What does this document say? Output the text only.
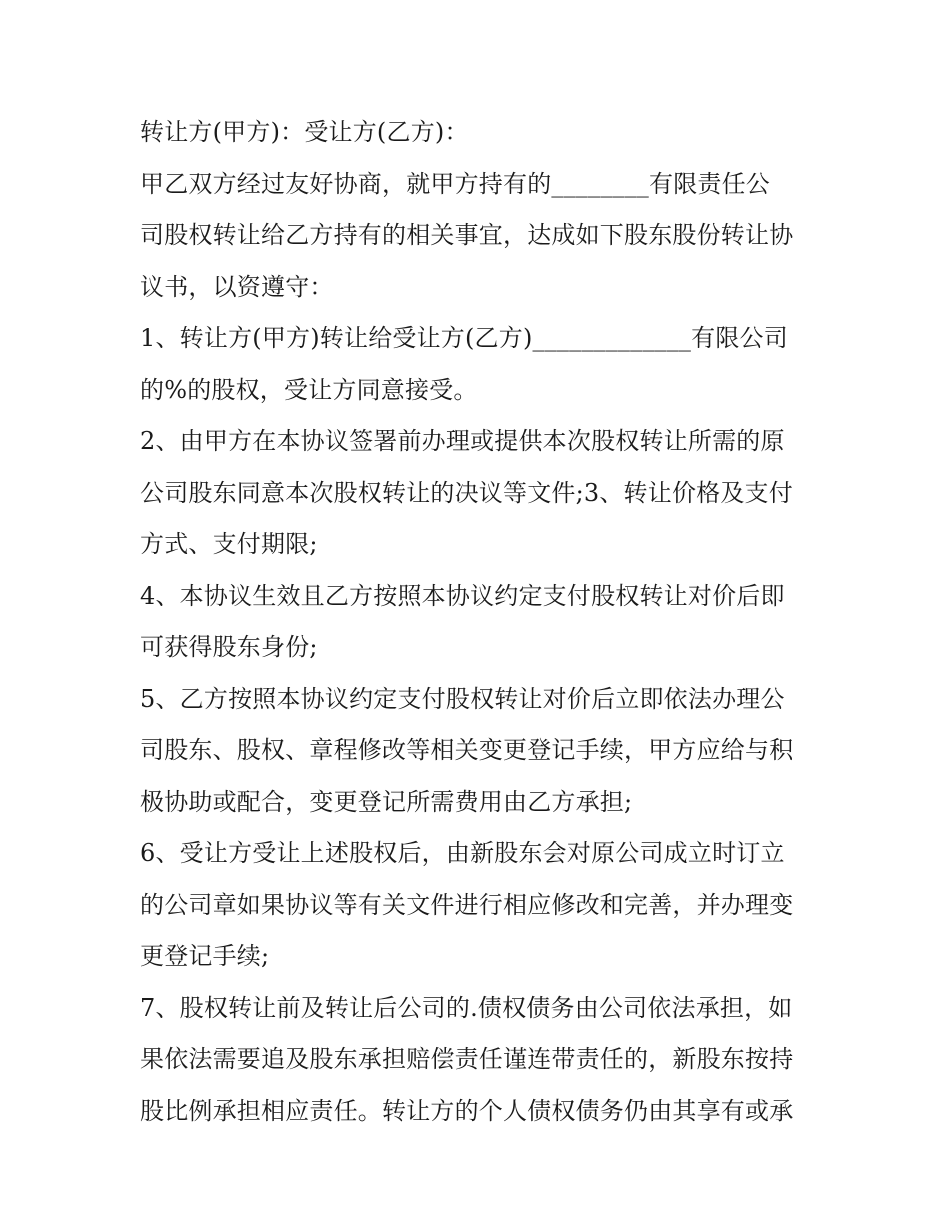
转让方(甲方)：受让方(乙方)：
甲乙双方经过友好协商，就甲方持有的________有限责任公
司股权转让给乙方持有的相关事宜，达成如下股东股份转让协
议书，以资遵守：
1、转让方(甲方)转让给受让方(乙方)_____________有限公司
的%的股权，受让方同意接受。
2、由甲方在本协议签署前办理或提供本次股权转让所需的原
公司股东同意本次股权转让的决议等文件;3、转让价格及支付
方式、支付期限;
4、本协议生效且乙方按照本协议约定支付股权转让对价后即
可获得股东身份;
5、乙方按照本协议约定支付股权转让对价后立即依法办理公
司股东、股权、章程修改等相关变更登记手续，甲方应给与积
极协助或配合，变更登记所需费用由乙方承担;
6、受让方受让上述股权后，由新股东会对原公司成立时订立
的公司章如果协议等有关文件进行相应修改和完善，并办理变
更登记手续;
7、股权转让前及转让后公司的.债权债务由公司依法承担，如
果依法需要追及股东承担赔偿责任谨连带责任的，新股东按持
股比例承担相应责任。转让方的个人债权债务仍由其享有或承
